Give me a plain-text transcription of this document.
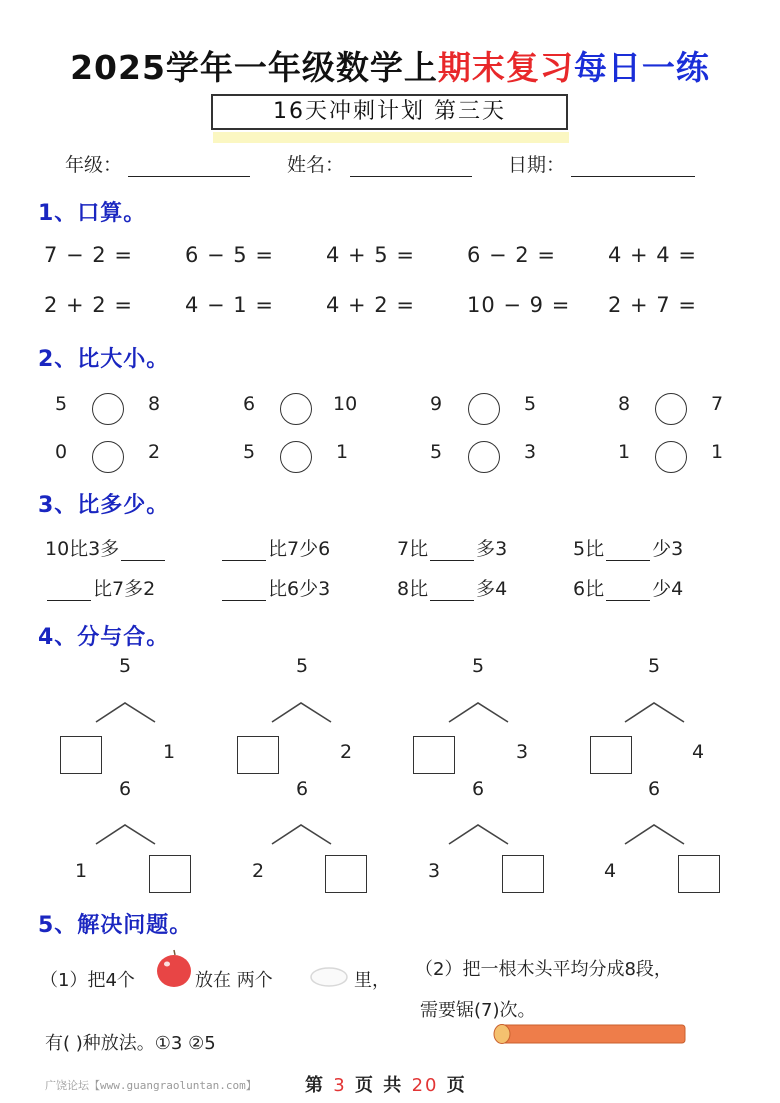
2025学年一年级数学上期末复习每日一练
16天冲刺计划 第三天
年级：	姓名：	日期：
1、口算。
7 − 2 = 6 − 5 = 4 + 5 = 6 − 2 = 4 + 4 =
2 + 2 = 4 − 1 = 4 + 2 = 10 − 9 = 2 + 7 =
2、比大小。
5	8	6	10	9	5	8	7
0	2	5	1	5	3	1	1
3、比多少。
10比3多	比7少6	7比	多3	5比	少3
比7多2	比6少3	8比	多4	6比	少4
4、分与合。
5	5	5	5
1	2	3	4
6	6	6	6
1	2	3	4
5、解决问题。
（1）把4个	放在 两个	里，
有( )种放法。①3 ②5
（2）把一根木头平均分成8段，
需要锯(7)次。
广饶论坛【www.guangraoluntan.com】	第 3 页 共 20 页
